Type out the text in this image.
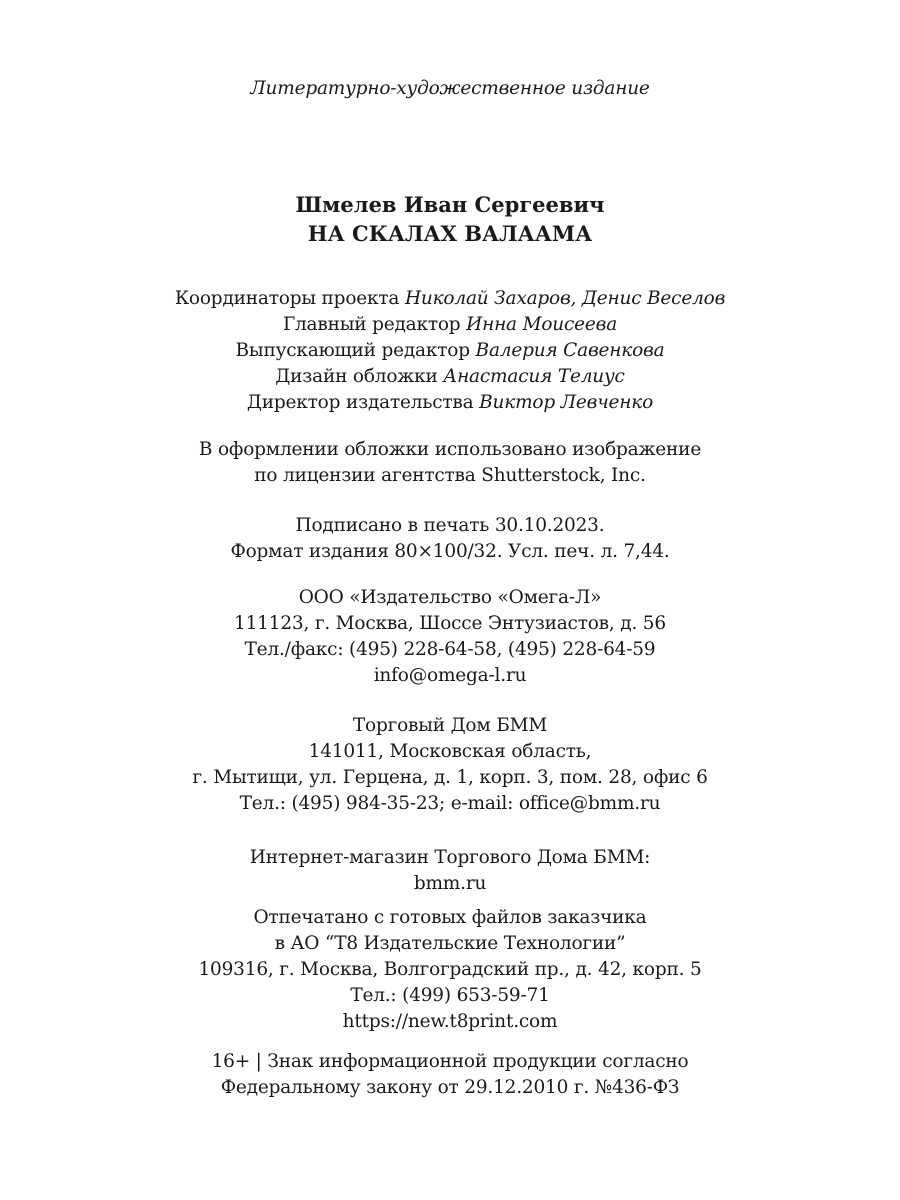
Литературно-художественное издание
Шмелев Иван Сергеевич
НА СКАЛАХ ВАЛААМА
Координаторы проекта Николай Захаров, Денис Веселов
Главный редактор Инна Моисеева
Выпускающий редактор Валерия Савенкова
Дизайн обложки Анастасия Телиус
Директор издательства Виктор Левченко
В оформлении обложки использовано изображение
по лицензии агентства Shutterstock, Inc.
Подписано в печать 30.10.2023.
Формат издания 80×100/32. Усл. печ. л. 7,44.
ООО «Издательство «Омега-Л»
111123, г. Москва, Шоссе Энтузиастов, д. 56
Тел./факс: (495) 228-64-58, (495) 228-64-59
info@omega-l.ru
Торговый Дом БММ
141011, Московская область,
г. Мытищи, ул. Герцена, д. 1, корп. 3, пом. 28, офис 6
Тел.: (495) 984-35-23; e-mail: office@bmm.ru
Интернет-магазин Торгового Дома БММ:
bmm.ru
Отпечатано с готовых файлов заказчика
в АО “Т8 Издательские Технологии”
109316, г. Москва, Волгоградский пр., д. 42, корп. 5
Тел.: (499) 653-59-71
https://new.t8print.com
16+ | Знак информационной продукции согласно
Федеральному закону от 29.12.2010 г. №436-ФЗ
